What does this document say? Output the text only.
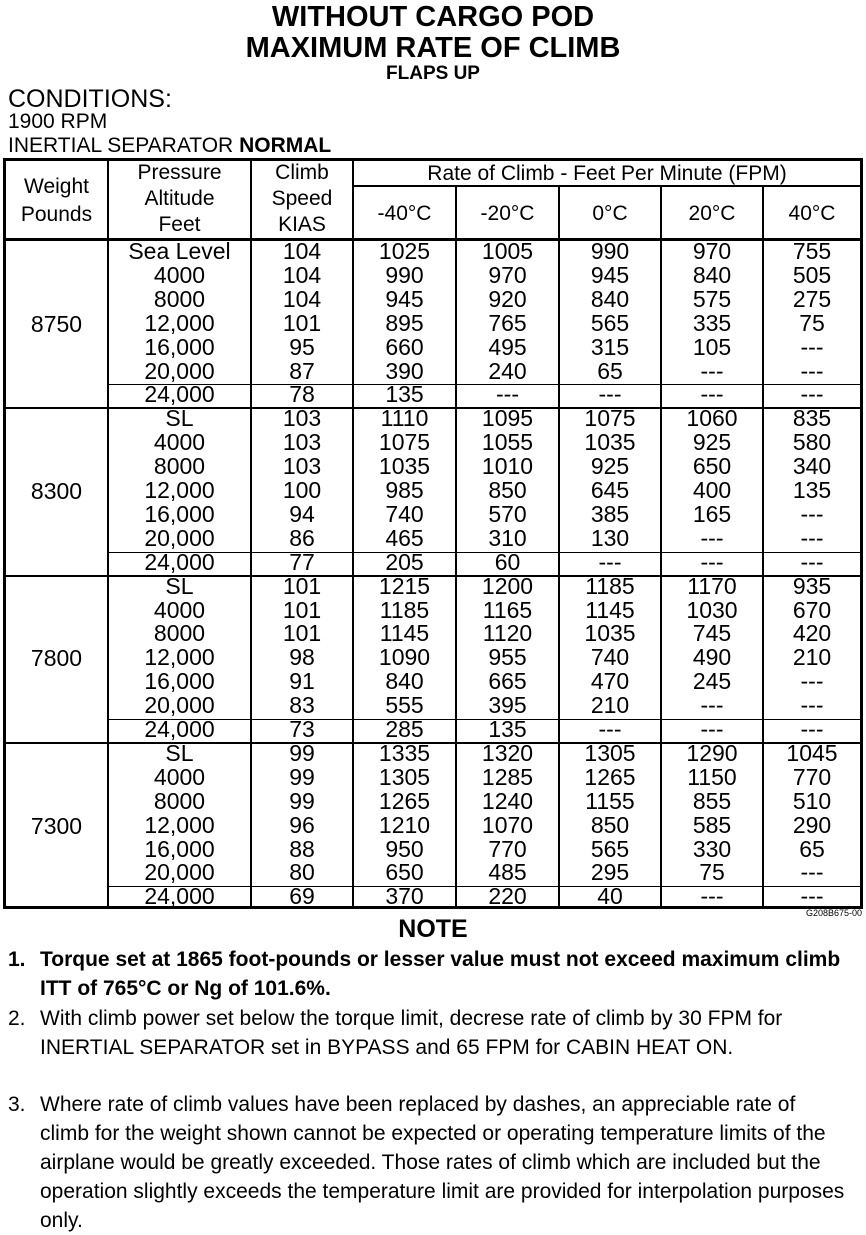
WITHOUT CARGO POD
MAXIMUM RATE OF CLIMB
FLAPS UP
CONDITIONS:
1900 RPM
INERTIAL SEPARATOR NORMAL
Weight
Pounds
Pressure
Altitude
Feet
Climb
Speed
KIAS
Rate of Climb - Feet Per Minute (FPM)
-40°C	-20°C	0°C	20°C	40°C
8750
Sea Level	104	1025	1005	990	970	755
4000	104	990	970	945	840	505
8000	104	945	920	840	575	275
12,000	101	895	765	565	335	75
16,000	95	660	495	315	105	---
20,000	87	390	240	65	---	---
24,000	78	135	---	---	---	---
8300
SL	103	1110	1095	1075	1060	835
4000	103	1075	1055	1035	925	580
8000	103	1035	1010	925	650	340
12,000	100	985	850	645	400	135
16,000	94	740	570	385	165	---
20,000	86	465	310	130	---	---
24,000	77	205	60	---	---	---
7800
SL	101	1215	1200	1185	1170	935
4000	101	1185	1165	1145	1030	670
8000	101	1145	1120	1035	745	420
12,000	98	1090	955	740	490	210
16,000	91	840	665	470	245	---
20,000	83	555	395	210	---	---
24,000	73	285	135	---	---	---
7300
SL	99	1335	1320	1305	1290	1045
4000	99	1305	1285	1265	1150	770
8000	99	1265	1240	1155	855	510
12,000	96	1210	1070	850	585	290
16,000	88	950	770	565	330	65
20,000	80	650	485	295	75	---
24,000	69	370	220	40	---	---
G208B675-00
NOTE
1. Torque set at 1865 foot-pounds or lesser value must not exceed maximum climb ITT of 765°C or Ng of 101.6%.
2. With climb power set below the torque limit, decrese rate of climb by 30 FPM for INERTIAL SEPARATOR set in BYPASS and 65 FPM for CABIN HEAT ON.
3. Where rate of climb values have been replaced by dashes, an appreciable rate of climb for the weight shown cannot be expected or operating temperature limits of the airplane would be greatly exceeded. Those rates of climb which are included but the operation slightly exceeds the temperature limit are provided for interpolation purposes only.
